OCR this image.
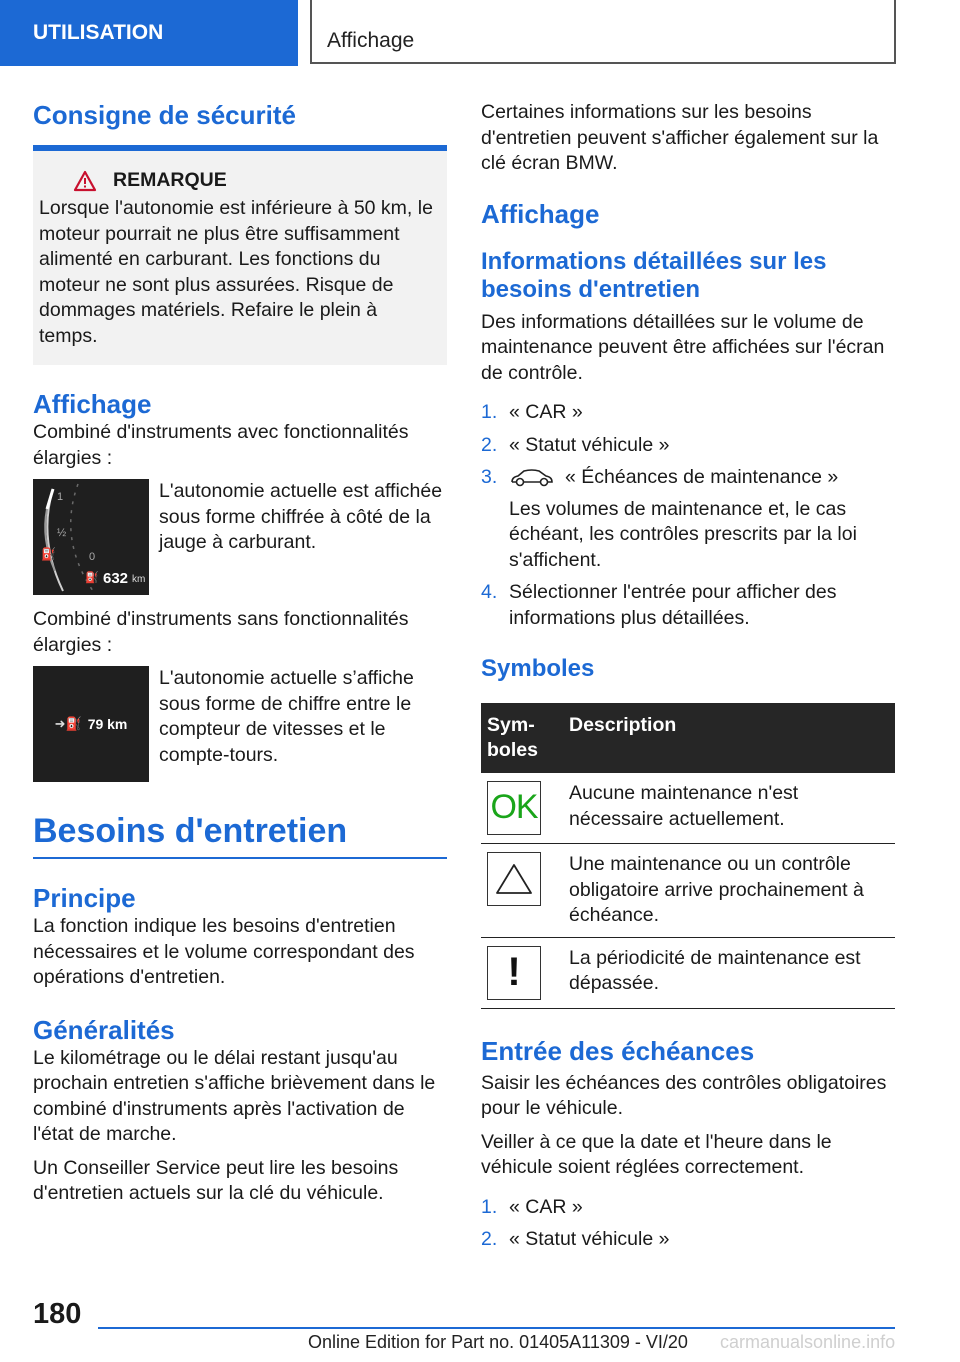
UTILISATION	Affichage
Consigne de sécurité
REMARQUE

Lorsque l'autonomie est inférieure à 50 km, le moteur pourrait ne plus être suffisamment alimenté en carburant. Les fonctions du moteur ne sont plus assurées. Risque de dommages matériels. Refaire le plein à temps.

Affichage

Combiné d'instruments avec fonctionnalités élargies :

1
½
0
⛽
⛽ 632 km

L'autonomie actuelle est affichée sous forme chiffrée à côté de la jauge à carburant.

Combiné d'instruments sans fonctionnalités élargies :

➜⛽ 79 km

L'autonomie actuelle s’affiche sous forme de chiffre entre le compteur de vitesses et le compte-tours.

Besoins d'entretien
Principe

La fonction indique les besoins d'entretien nécessaires et le volume correspondant des opérations d'entretien.

Généralités

Le kilométrage ou le délai restant jusqu'au prochain entretien s'affiche brièvement dans le combiné d'instruments après l'activation de l'état de marche.

Un Conseiller Service peut lire les besoins d'entretien actuels sur la clé du véhicule.

Certaines informations sur les besoins d'entretien peuvent s'afficher également sur la clé écran BMW.

Affichage
Informations détaillées sur les besoins d'entretien

Des informations détaillées sur le volume de maintenance peuvent être affichées sur l'écran de contrôle.

1. « CAR »
2. « Statut véhicule »
3.	« Échéances de maintenance »
Les volumes de maintenance et, le cas échéant, les contrôles prescrits par la loi s'affichent.
4. Sélectionner l'entrée pour afficher des informations plus détaillées.
Symboles
Sym-
boles	Description

OK	Aucune maintenance n'est nécessaire actuellement.

	Une maintenance ou un contrôle obligatoire arrive prochainement à échéance.

!	La périodicité de maintenance est dépassée.
Entrée des échéances

Saisir les échéances des contrôles obligatoires pour le véhicule.

Veiller à ce que la date et l'heure dans le véhicule soient réglées correctement.

1. « CAR »
2. « Statut véhicule »
180
Online Edition for Part no. 01405A11309 - VI/20 carmanualsonline.info
